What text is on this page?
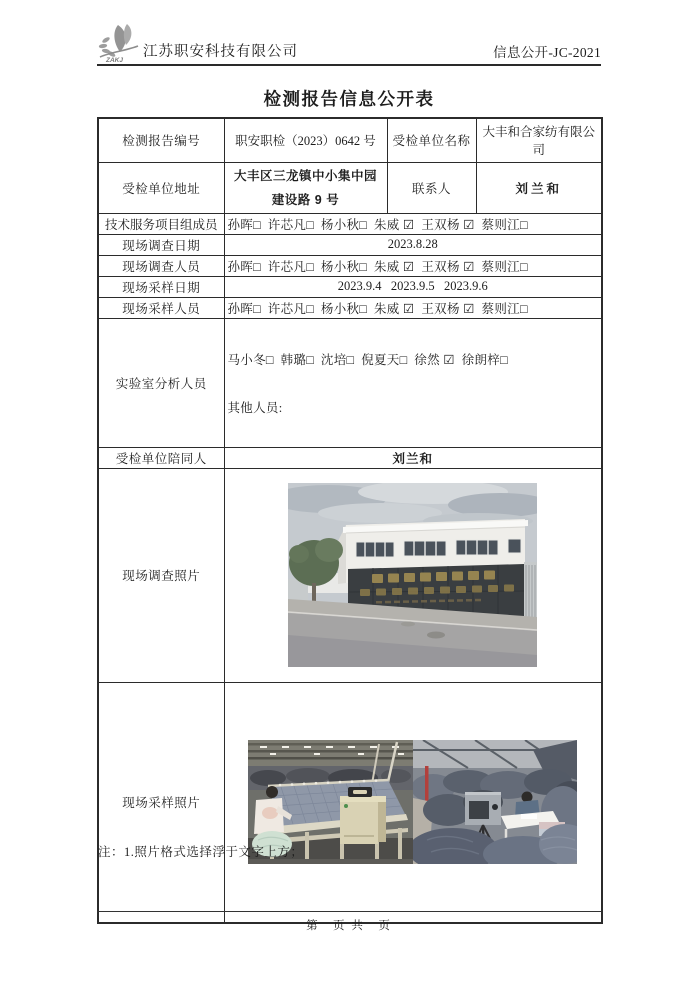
ZAKJ
江苏职安科技有限公司	信息公开-JC-2021
检测报告信息公开表
检测报告编号	职安职检（2023）0642 号	受检单位名称	大丰和合家纺有限公司
受检单位地址	大丰区三龙镇中小集中园
建设路 9 号	联系人	刘兰和
技术服务项目组成员	孙晖□  许芯凡□  杨小秋□  朱威 ☑  王双杨 ☑  蔡则江□		
现场调查日期	2023.8.28		
现场调查人员	孙晖□  许芯凡□  杨小秋□  朱威 ☑  王双杨 ☑  蔡则江□		
现场采样日期	2023.9.4   2023.9.5   2023.9.6		
现场采样人员	孙晖□  许芯凡□  杨小秋□  朱威 ☑  王双杨 ☑  蔡则江□		
实验室分析人员	马小冬□  韩璐□  沈培□  倪夏天□  徐然 ☑  徐朗梓□

其他人员:		

受检单位陪同人	刘兰和		
现场调查照片	
现场采样照片	
注：1.照片格式选择浮于文字上方；
第　页 共　页
